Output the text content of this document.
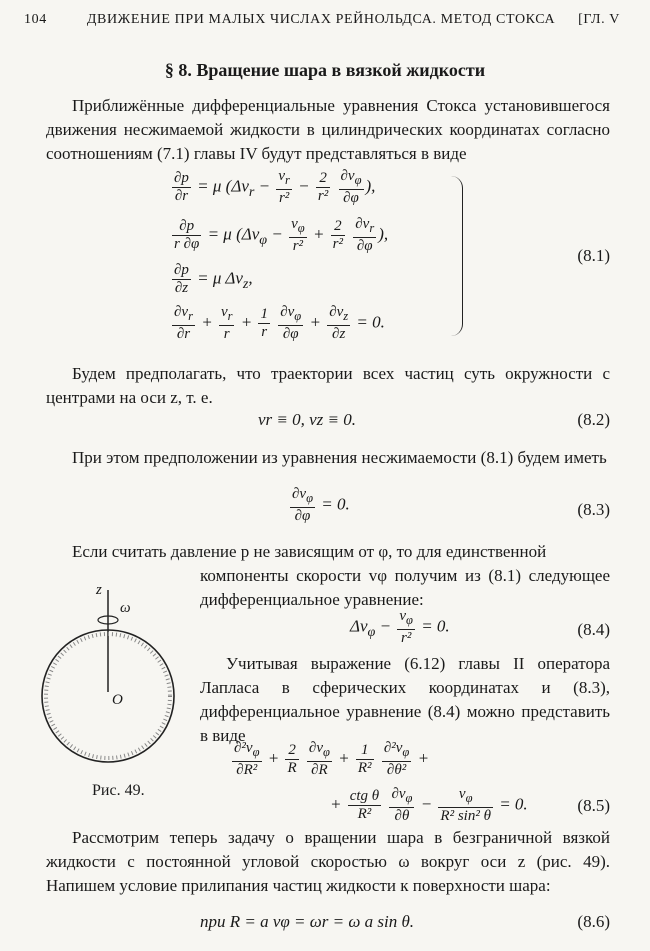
104	ДВИЖЕНИЕ ПРИ МАЛЫХ ЧИСЛАХ РЕЙНОЛЬДСА. МЕТОД СТОКСА	[ГЛ. V
§ 8. Вращение шара в вязкой жидкости
Приближённые дифференциальные уравнения Стокса установившегося движения несжимаемой жидкости в цилиндрических координатах согласно соотношениям (7.1) главы IV будут представляться в виде
$\frac{\partial p}{\partial r} = \mu$ ($\Delta v_r - \frac{v_r}{\text{r²}} - \frac{2}{\text{r²}}$
$\frac{\partial v_\varphi}{\partial\varphi}$ ),
$\frac{\partial p}{r \partial\varphi} = \mu$ ($\Delta v_\varphi - \frac{v_\varphi}{\text{r²}} + \frac{2}{\text{r²}}$
$\frac{\partial v_r}{\partial\varphi}$ ),
$\frac{\partial p}{\partial z} = \mu$ $\Delta v_z$,
$\frac{\partial v_r}{\partial r} + \frac{v_r}{r} + \frac{1}{r}$
$\frac{\partial v_\varphi}{\partial\varphi} + \frac{\partial v_z}{\partial z} = 0$.
(8.1)
Будем предполагать, что траектории всех частиц суть окружности с центрами на оси z, т. е.
vr ≡ 0, vz ≡ 0.	(8.2)
При этом предположении из уравнения несжимаемости (8.1) будем иметь
$\frac{\partial v_\varphi}{\partial\varphi} = 0$.	(8.3)
Если считать давление p не зависящим от φ, то для единственной
компоненты скорости vφ получим из (8.1) следующее дифференциальное уравнение:
$\Delta v_\varphi - \frac{v_\varphi}{\text{r²}} = 0$.	(8.4)
z
ω
O
Рис. 49.
Учитывая выражение (6.12) главы II оператора Лапласа в сферических координатах и (8.3), дифференциальное уравнение (8.4) можно представить в виде
$\frac{\partial^2v_\varphi}{\text{∂R²}} + \frac{2}{R}$
$\frac{\partial v_\varphi}{\partial R} + \frac{1}{\text{R²}}$
$\frac{\partial^2v_\varphi}{\text{∂θ²}}$ +
+ $\frac{\text{ctg θ}}{\text{R²}}$
$\frac{\partial v_\varphi}{\partial\theta} - \frac{v_\varphi}{\text{R² sin² θ}} = 0$.	(8.5)
Рассмотрим теперь задачу о вращении шара в безграничной вязкой жидкости с постоянной угловой скоростью ω вокруг оси z (рис. 49). Напишем условие прилипания частиц жидкости к поверхности шара:
при R = a vφ = ωr = ω a sin θ.	(8.6)
